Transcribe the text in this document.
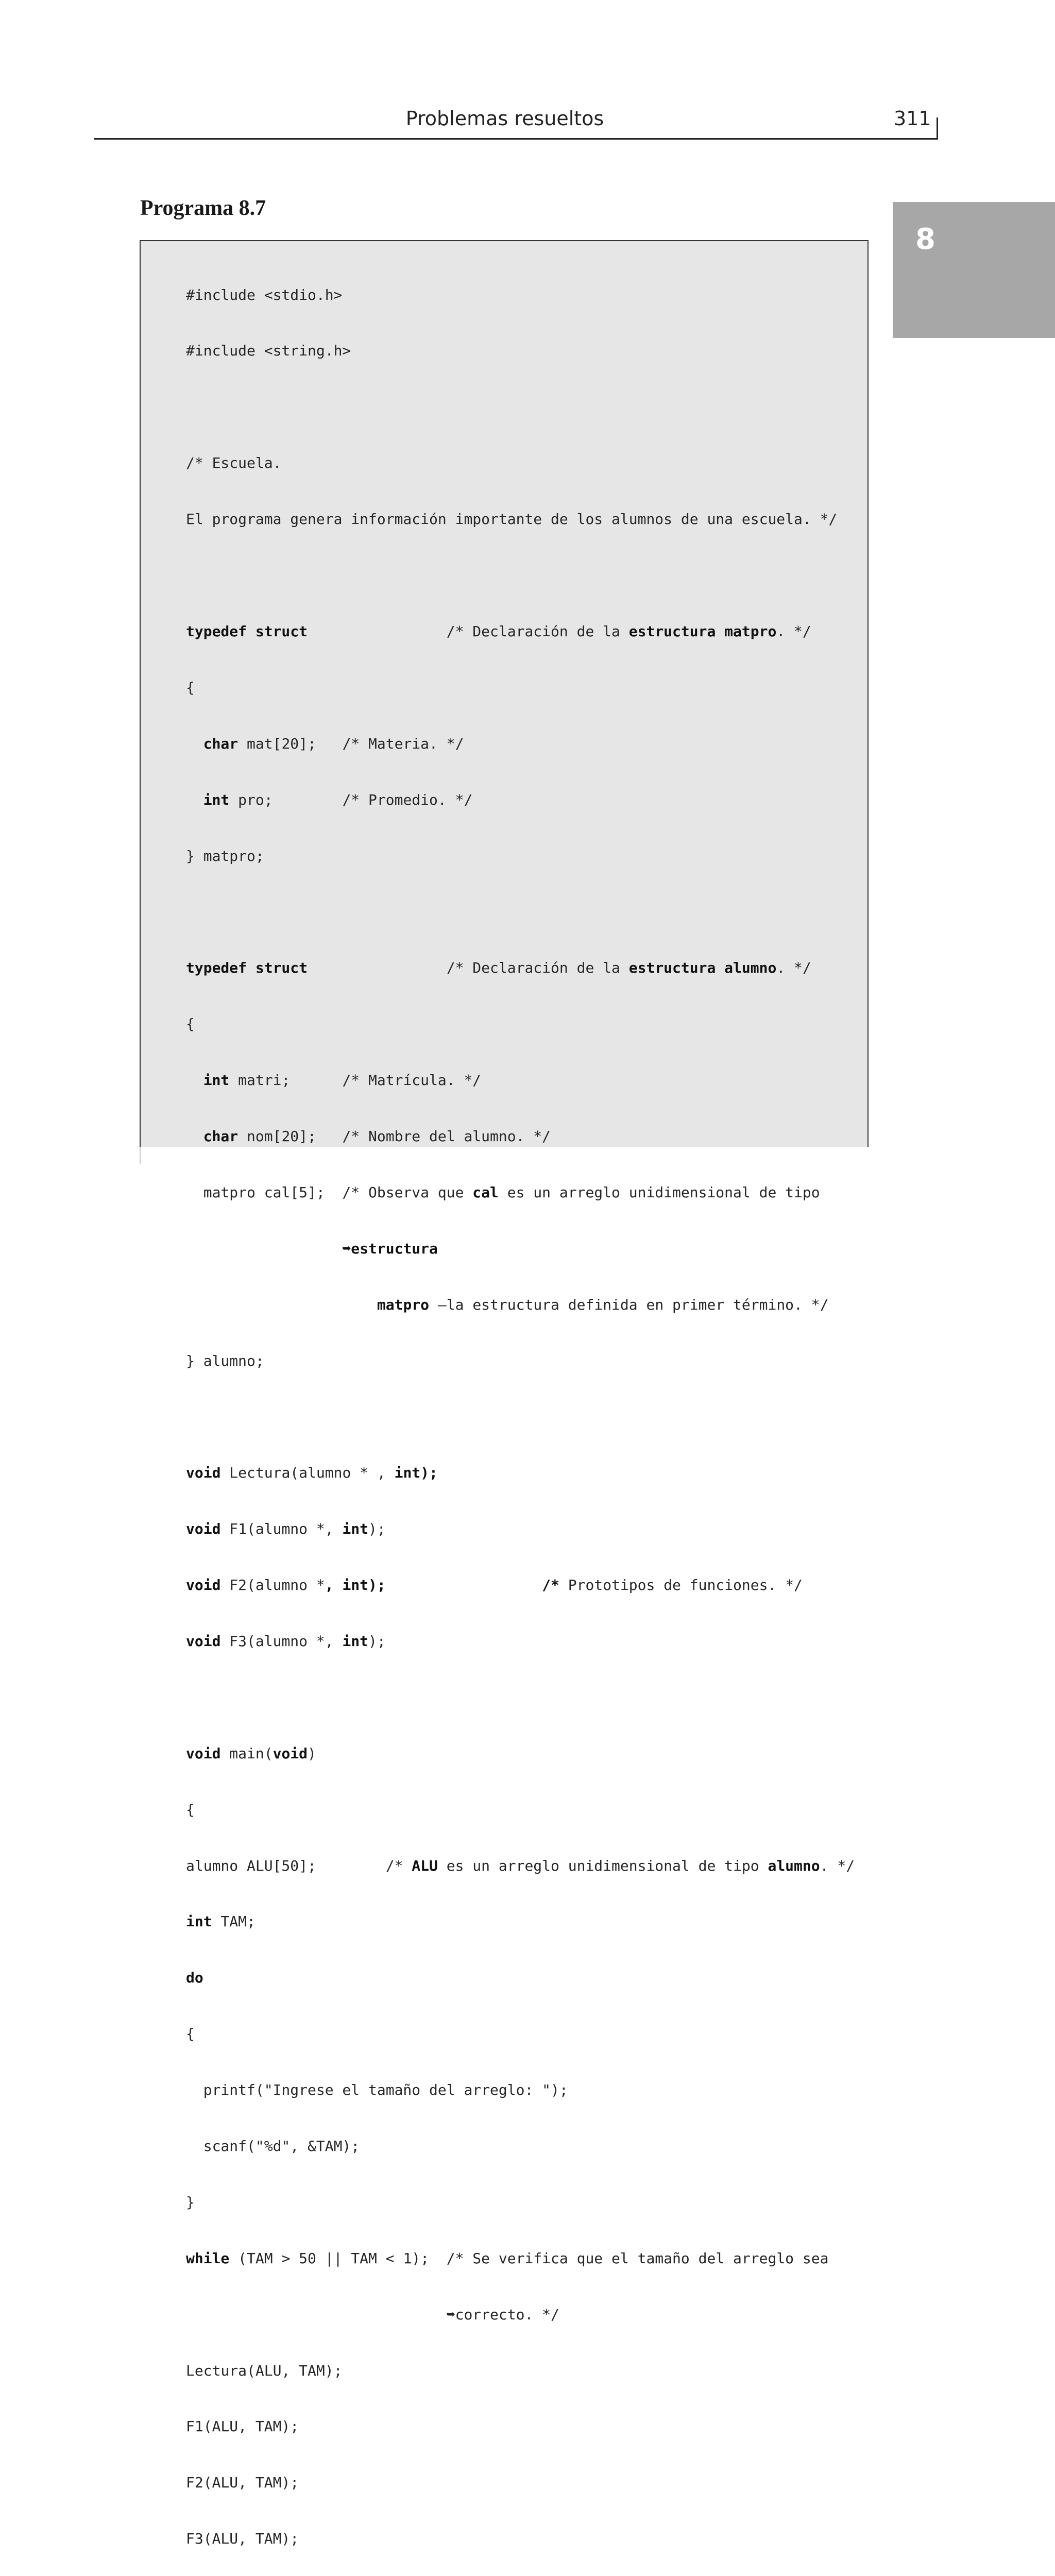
Problemas resueltos	311
8
Programa 8.7

#include <stdio.h>

#include <string.h>

/* Escuela.

El programa genera información importante de los alumnos de una escuela. */

typedef struct                /* Declaración de la estructura matpro. */

{

char mat[20];   /* Materia. */

int pro;        /* Promedio. */

} matpro;

typedef struct                /* Declaración de la estructura alumno. */

{

int matri;      /* Matrícula. */

char nom[20];   /* Nombre del alumno. */

matpro cal[5];  /* Observa que cal es un arreglo unidimensional de tipo

➥estructura

matpro —la estructura definida en primer término. */

} alumno;

void Lectura(alumno * , int);

void F1(alumno *, int);

void F2(alumno *, int);	/* Prototipos de funciones. */

void F3(alumno *, int);

void main(void)

{

alumno ALU[50];        /* ALU es un arreglo unidimensional de tipo alumno. */

int TAM;

do

{

printf("Ingrese el tamaño del arreglo: ");

scanf("%d", &TAM);

}

while (TAM > 50 || TAM < 1);  /* Se verifica que el tamaño del arreglo sea

➥correcto. */

Lectura(ALU, TAM);

F1(ALU, TAM);

F2(ALU, TAM);

F3(ALU, TAM);
